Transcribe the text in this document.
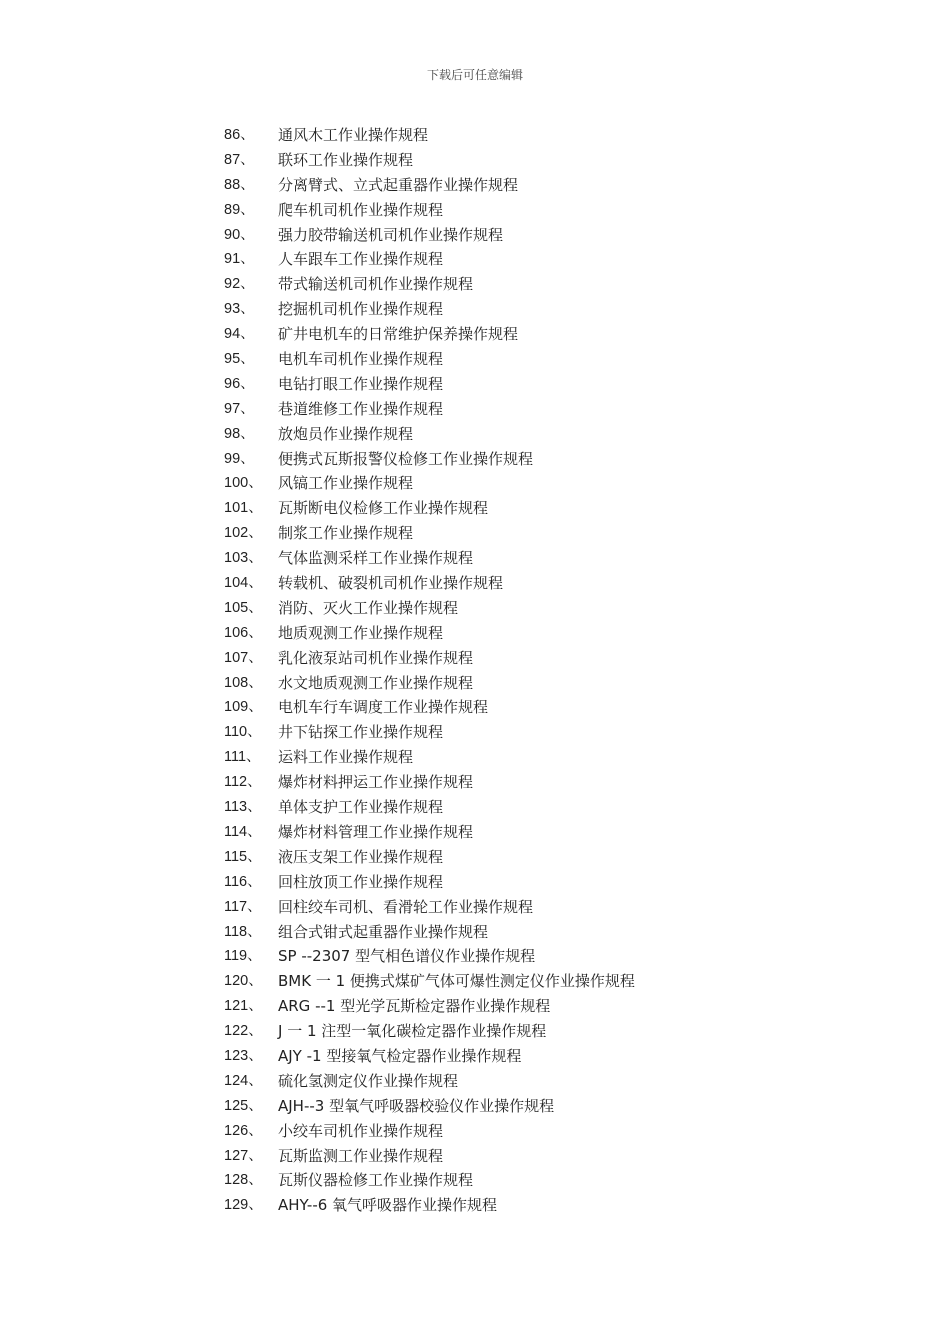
下载后可任意编辑
86、	通风木工作业操作规程
87、	联环工作业操作规程
88、	分离臂式、立式起重器作业操作规程
89、	爬车机司机作业操作规程
90、	强力胶带输送机司机作业操作规程
91、	人车跟车工作业操作规程
92、	带式输送机司机作业操作规程
93、	挖掘机司机作业操作规程
94、	矿井电机车的日常维护保养操作规程
95、	电机车司机作业操作规程
96、	电钻打眼工作业操作规程
97、	巷道维修工作业操作规程
98、	放炮员作业操作规程
99、	便携式瓦斯报警仪检修工作业操作规程
100、	风镐工作业操作规程
101、	瓦斯断电仪检修工作业操作规程
102、	制浆工作业操作规程
103、	气体监测采样工作业操作规程
104、	转载机、破裂机司机作业操作规程
105、	消防、灭火工作业操作规程
106、	地质观测工作业操作规程
107、	乳化液泵站司机作业操作规程
108、	水文地质观测工作业操作规程
109、	电机车行车调度工作业操作规程
110、	井下钻探工作业操作规程
111、	运料工作业操作规程
112、	爆炸材料押运工作业操作规程
113、	单体支护工作业操作规程
114、	爆炸材料管理工作业操作规程
115、	液压支架工作业操作规程
116、	回柱放顶工作业操作规程
117、	回柱绞车司机、看滑轮工作业操作规程
118、	组合式钳式起重器作业操作规程
119、	SP --2307 型气相色谱仪作业操作规程
120、	BMK 一 1 便携式煤矿气体可爆性测定仪作业操作规程
121、	ARG --1 型光学瓦斯检定器作业操作规程
122、	J 一 1 注型一氧化碳检定器作业操作规程
123、	AJY -1 型接氧气检定器作业操作规程
124、	硫化氢测定仪作业操作规程
125、	AJH--3 型氧气呼吸器校验仪作业操作规程
126、	小绞车司机作业操作规程
127、	瓦斯监测工作业操作规程
128、	瓦斯仪器检修工作业操作规程
129、	AHY--6 氧气呼吸器作业操作规程
